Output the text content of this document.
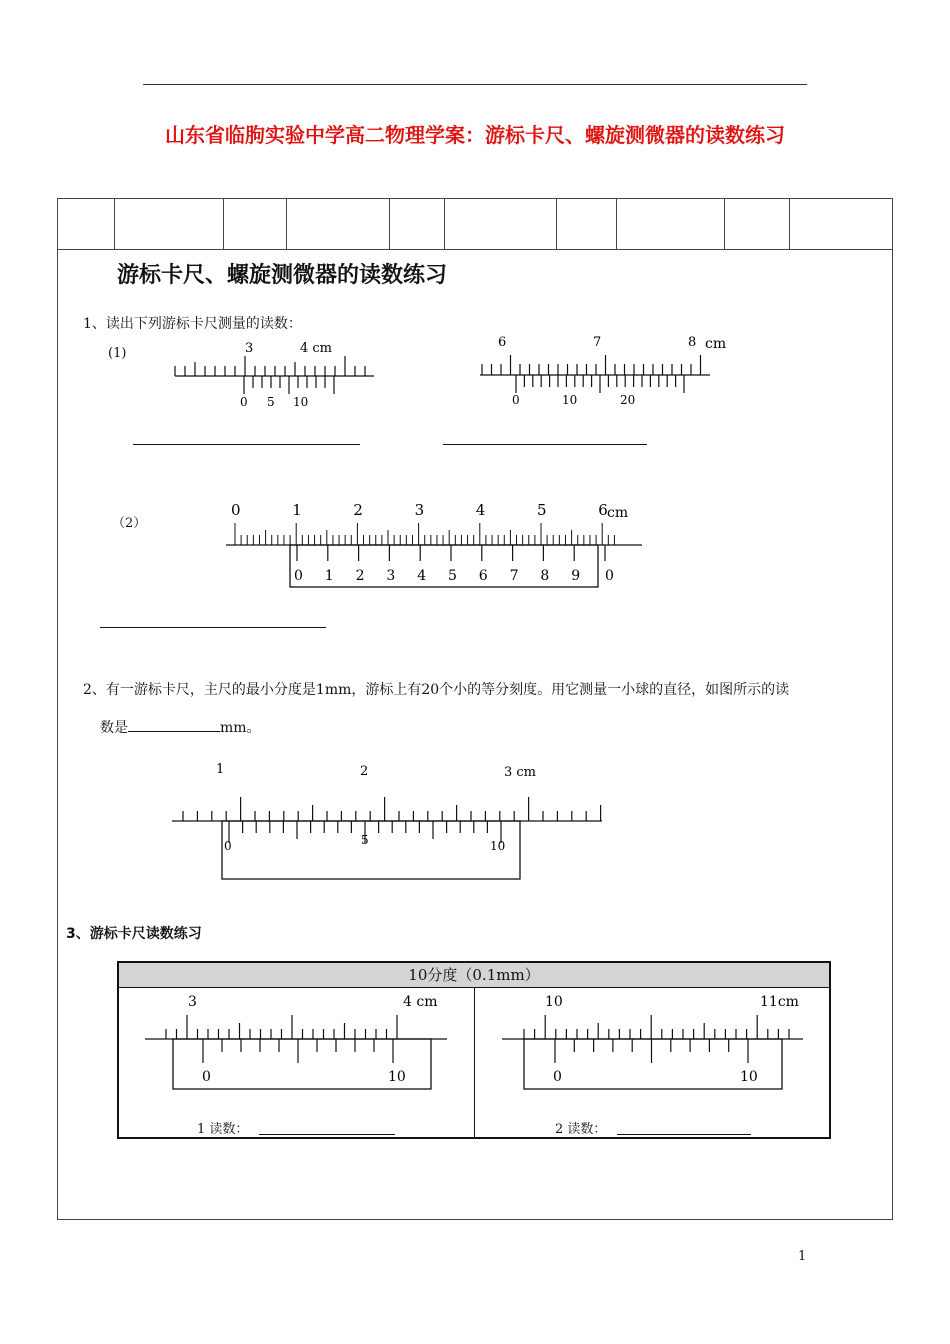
山东省临朐实验中学高二物理学案：游标卡尺、螺旋测微器的读数练习
游标卡尺、螺旋测微器的读数练习
1、读出下列游标卡尺测量的读数：
(1)	3	4 cm
0 5 10
6	7	8 cm
0	10	20
（2）
0	1	2	3	4	5	6 cm
0 1 2 3 4 5 6 7 8 9 0
2、有一游标卡尺，主尺的最小分度是1mm，游标上有20个小的等分刻度。用它测量一小球的直径，如图所示的读
数是	mm。
1	2	3 cm
0	5	10
3、游标卡尺读数练习
10分度（0.1mm）
3	4 cm
0	10
10	11cm
0	10
1 读数：	2 读数：
1
